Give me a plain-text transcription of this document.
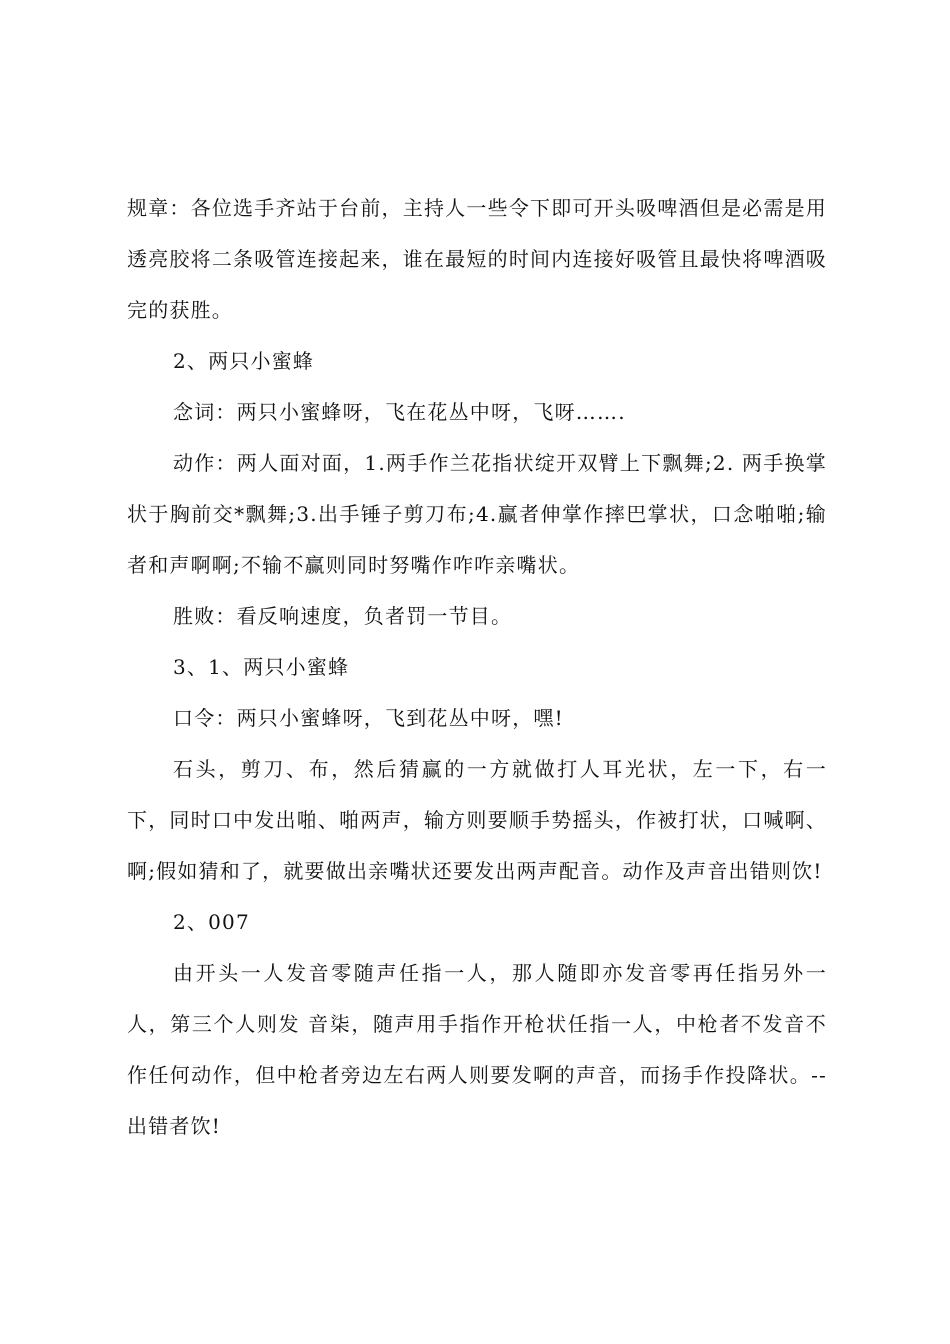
规章：各位选手齐站于台前，主持人一些令下即可开头吸啤酒但是必需是用透亮胶将二条吸管连接起来，谁在最短的时间内连接好吸管且最快将啤酒吸完的获胜。

2、两只小蜜蜂

念词：两只小蜜蜂呀，飞在花丛中呀，飞呀…….

动作：两人面对面，1.两手作兰花指状绽开双臂上下飘舞;2. 两手换掌状于胸前交*飘舞;3.出手锤子剪刀布;4.赢者伸掌作摔巴掌状，口念啪啪;输者和声啊啊;不输不赢则同时努嘴作咋咋亲嘴状。

胜败：看反响速度，负者罚一节目。

3、1、两只小蜜蜂

口令：两只小蜜蜂呀，飞到花丛中呀，嘿!

石头，剪刀、布，然后猜赢的一方就做打人耳光状，左一下，右一下，同时口中发出啪、啪两声，输方则要顺手势摇头，作被打状，口喊啊、啊;假如猜和了，就要做出亲嘴状还要发出两声配音。动作及声音出错则饮!

2、007

由开头一人发音零随声任指一人，那人随即亦发音零再任指另外一人，第三个人则发 音柒，随声用手指作开枪状任指一人，中枪者不发音不作任何动作，但中枪者旁边左右两人则要发啊的声音，而扬手作投降状。--出错者饮!
